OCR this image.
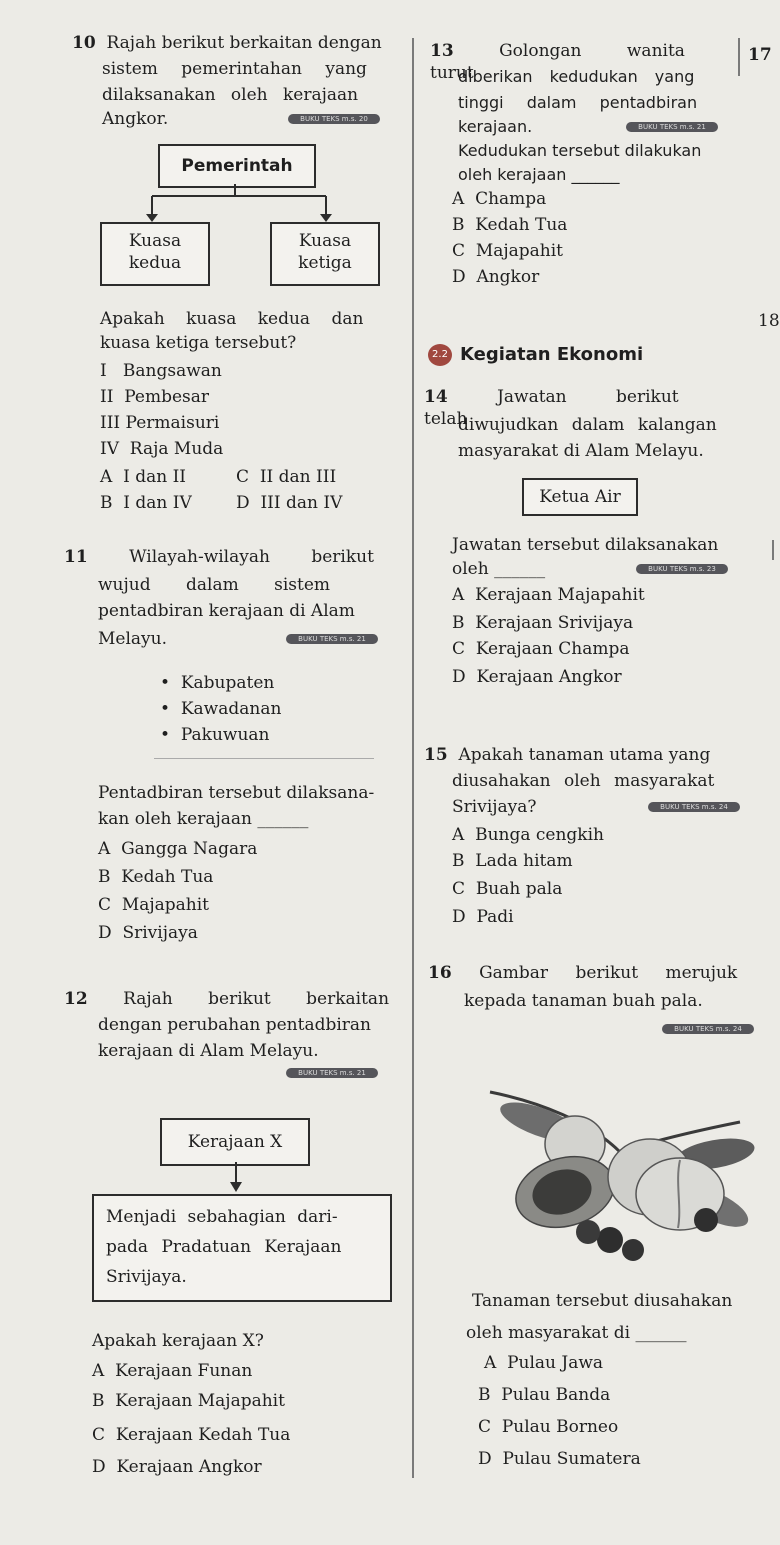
17
18
10 Rajah berikut berkaitan dengan
sistem pemerintahan yang
dilaksanakan oleh kerajaan
Angkor.	BUKU TEKS m.s. 20
Pemerintah
Kuasa
kedua
Kuasa
ketiga
Apakah kuasa kedua dan
kuasa ketiga tersebut?
I   Bangsawan
II  Pembesar
III Permaisuri
IV  Raja Muda
A  I dan II	C  II dan III
B  I dan IV	D  III dan IV
11 Wilayah-wilayah berikut
wujud dalam sistem
pentadbiran kerajaan di Alam
Melayu.	BUKU TEKS m.s. 21
•  Kabupaten
•  Kawadanan
•  Pakuwuan
Pentadbiran tersebut dilaksana-
kan oleh kerajaan ______
A  Gangga Nagara
B  Kedah Tua
C  Majapahit
D  Srivijaya
12 Rajah berikut berkaitan
dengan perubahan pentadbiran
kerajaan di Alam Melayu.
BUKU TEKS m.s. 21
Kerajaan X
Menjadi sebahagian dari-
pada Pradatuan Kerajaan
Srivijaya.
Apakah kerajaan X?
A  Kerajaan Funan
B  Kerajaan Majapahit
C  Kerajaan Kedah Tua
D  Kerajaan Angkor
13	Golongan wanita turut
diberikan kedudukan yang
tinggi dalam pentadbiran
kerajaan.	BUKU TEKS m.s. 21
Kedudukan tersebut dilakukan
oleh kerajaan ______
A  Champa
B  Kedah Tua
C  Majapahit
D  Angkor
2.2 Kegiatan Ekonomi
14	Jawatan berikut telah
diwujudkan dalam kalangan
masyarakat di Alam Melayu.
Ketua Air
Jawatan tersebut dilaksanakan
oleh ______	BUKU TEKS m.s. 23
A  Kerajaan Majapahit
B  Kerajaan Srivijaya
C  Kerajaan Champa
D  Kerajaan Angkor
15 Apakah tanaman utama yang
diusahakan oleh masyarakat
Srivijaya?	BUKU TEKS m.s. 24
A  Bunga cengkih
B  Lada hitam
C  Buah pala
D  Padi
16 Gambar berikut merujuk
kepada tanaman buah pala.
BUKU TEKS m.s. 24
Tanaman tersebut diusahakan
oleh masyarakat di ______
A  Pulau Jawa
B  Pulau Banda
C  Pulau Borneo
D  Pulau Sumatera
